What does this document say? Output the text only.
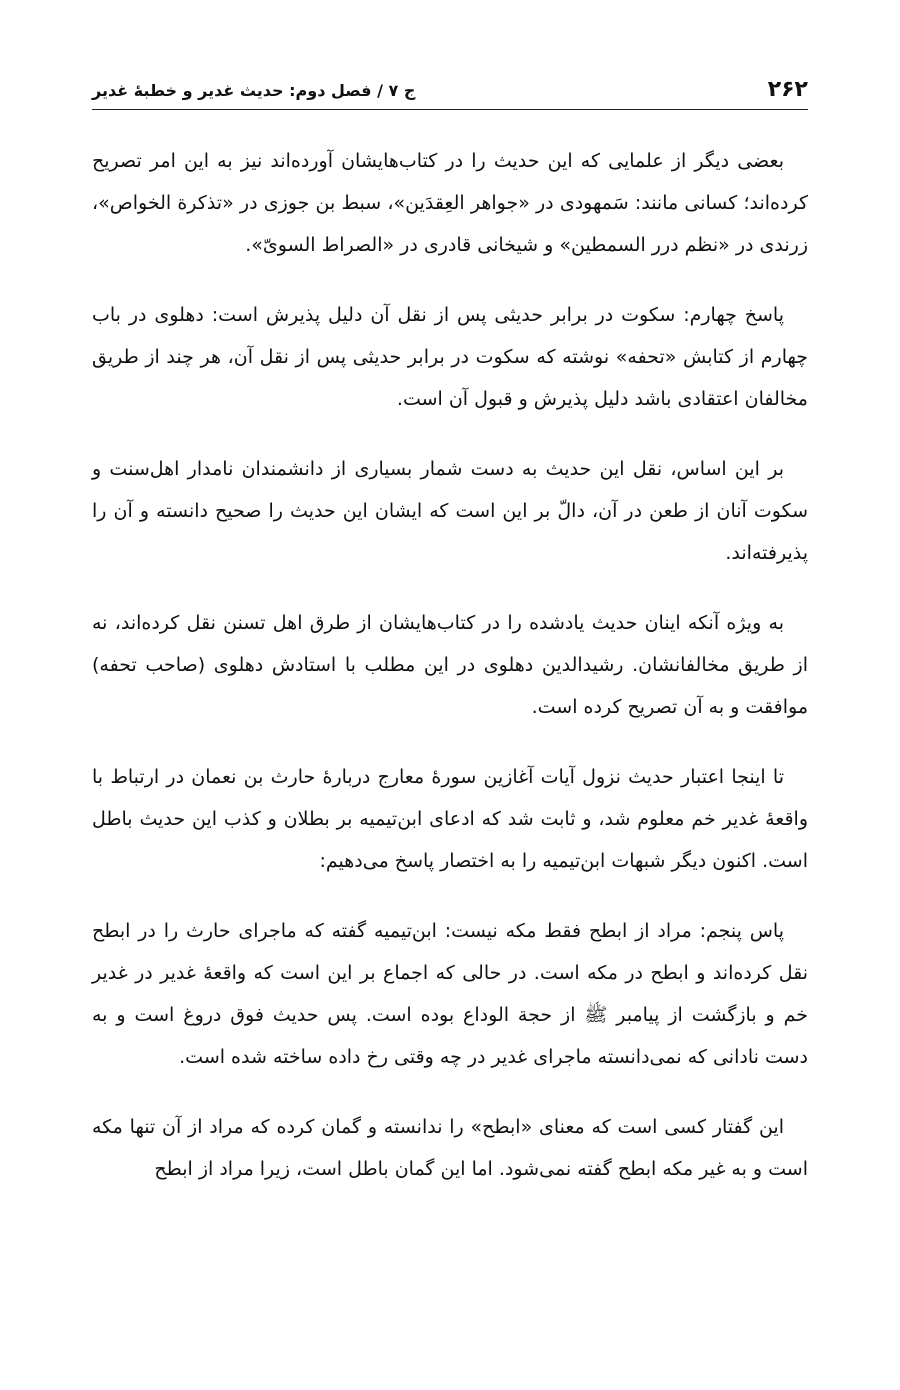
۲۶۲
ج ۷ / فصل دوم: حدیث غدیر و خطبهٔ غدیر

بعضی دیگر از علمایی که این حدیث را در کتاب‌هایشان آورده‌اند نیز به این امر تصریح کرده‌اند؛ کسانی مانند: سَمهودی در «جواهر العِقدَین»، سبط بن جوزی در «تذکرة الخواص»، زرندی در «نظم درر السمطین» و شیخانی قادری در «الصراط السویّ».

پاسخ چهارم: سکوت در برابر حدیثی پس از نقل آن دلیل پذیرش است: دهلوی در باب چهارم از کتابش «تحفه» نوشته که سکوت در برابر حدیثی پس از نقل آن، هر چند از طریق مخالفان اعتقادی باشد دلیل پذیرش و قبول آن است.

بر این اساس، نقل این حدیث به دست شمار بسیاری از دانشمندان نامدار اهل‌سنت و سکوت آنان از طعن در آن، دالّ بر این است که ایشان این حدیث را صحیح دانسته و آن را پذیرفته‌اند.

به ویژه آنکه اینان حدیث یادشده را در کتاب‌هایشان از طرق اهل تسنن نقل کرده‌اند، نه از طریق مخالفانشان. رشیدالدین دهلوی در این مطلب با استادش دهلوی (صاحب تحفه) موافقت و به آن تصریح کرده است.

تا اینجا اعتبار حدیث نزول آیات آغازین سورهٔ معارج دربارهٔ حارث بن نعمان در ارتباط با واقعهٔ غدیر خم معلوم شد، و ثابت شد که ادعای ابن‌تیمیه بر بطلان و کذب این حدیث باطل است. اکنون دیگر شبهات ابن‌تیمیه را به اختصار پاسخ می‌دهیم:

پاس پنجم: مراد از ابطح فقط مکه نیست: ابن‌تیمیه گفته که ماجرای حارث را در ابطح نقل کرده‌اند و ابطح در مکه است. در حالی که اجماع بر این است که واقعهٔ غدیر در غدیر خم و بازگشت از پیامبر ﷺ از حجة الوداع بوده است. پس حدیث فوق دروغ است و به دست نادانی که نمی‌دانسته ماجرای غدیر در چه وقتی رخ داده ساخته شده است.

این گفتار کسی است که معنای «ابطح» را ندانسته و گمان کرده که مراد از آن تنها مکه است و به غیر مکه ابطح گفته نمی‌شود. اما این گمان باطل است، زیرا مراد از ابطح
